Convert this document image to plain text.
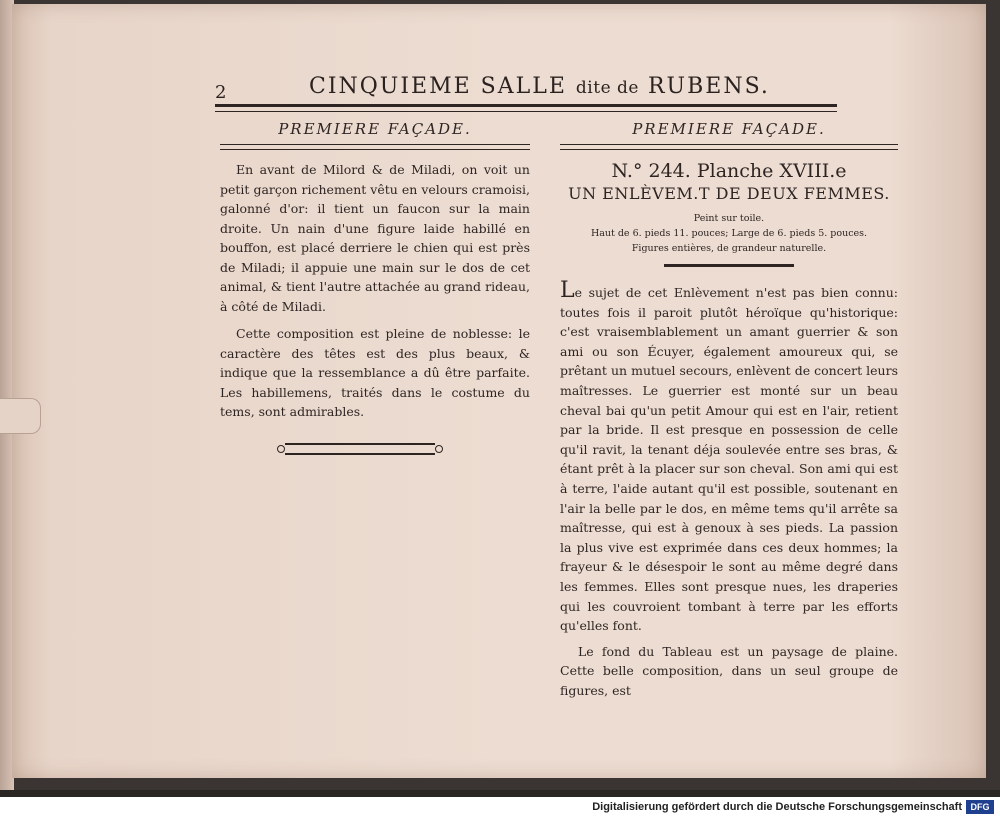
2	CINQUIEME SALLE dite de RUBENS.
PREMIERE FAÇADE.

En avant de Milord & de Miladi, on voit un petit garçon richement vêtu en velours cramoisi, galonné d'or: il tient un faucon sur la main droite. Un nain d'une figure laide habillé en bouffon, est placé derriere le chien qui est près de Miladi; il appuie une main sur le dos de cet animal, & tient l'autre attachée au grand rideau, à côté de Miladi.

Cette composition est pleine de noblesse: le caractère des têtes est des plus beaux, & indique que la ressemblance a dû être parfaite. Les habillemens, traités dans le costume du tems, sont admirables.

PREMIERE FAÇADE.
N.° 244. Planche XVIII.e
UN ENLÈVEM.T DE DEUX FEMMES.
Peint sur toile.
Haut de 6. pieds 11. pouces; Large de 6. pieds 5. pouces.
Figures entières, de grandeur naturelle.

Le sujet de cet Enlèvement n'est pas bien connu: toutes fois il paroit plutôt héroïque qu'historique: c'est vraisemblablement un amant guerrier & son ami ou son Écuyer, également amoureux qui, se prêtant un mutuel secours, enlèvent de concert leurs maîtresses. Le guerrier est monté sur un beau cheval bai qu'un petit Amour qui est en l'air, retient par la bride. Il est presque en possession de celle qu'il ravit, la tenant déja soulevée entre ses bras, & étant prêt à la placer sur son cheval. Son ami qui est à terre, l'aide autant qu'il est possible, soutenant en l'air la belle par le dos, en même tems qu'il arrête sa maîtresse, qui est à genoux à ses pieds. La passion la plus vive est exprimée dans ces deux hommes; la frayeur & le désespoir le sont au même degré dans les femmes. Elles sont presque nues, les draperies qui les couvroient tombant à terre par les efforts qu'elles font.

Le fond du Tableau est un paysage de plaine. Cette belle composition, dans un seul groupe de figures, est

Digitalisierung gefördert durch die Deutsche Forschungsgemeinschaft DFG
